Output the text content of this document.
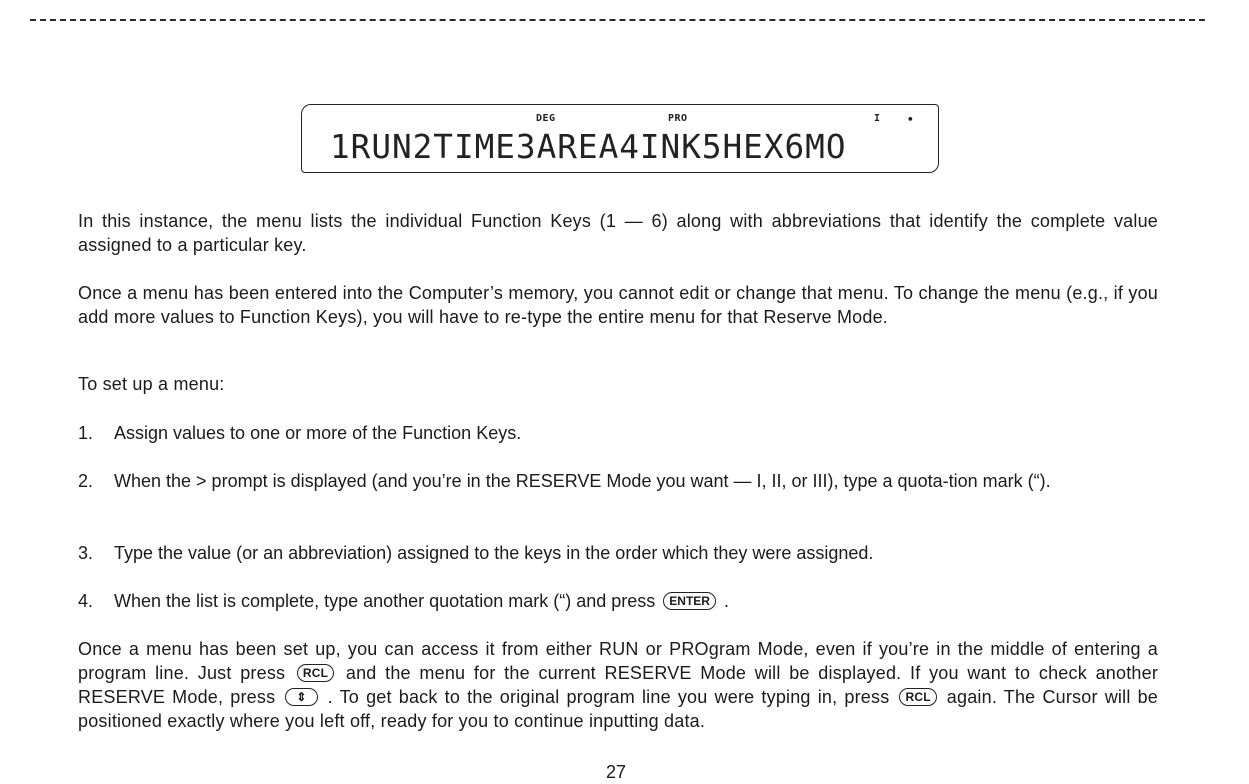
DEG	PRO	I •
1RUN2TIME3AREA4INK5HEX6MO

In this instance, the menu lists the individual Function Keys (1 — 6) along with abbreviations that identify the complete value assigned to a particular key.

Once a menu has been entered into the Computer’s memory, you cannot edit or change that menu. To change the menu (e.g., if you add more values to Function Keys), you will have to re-type the entire menu for that Reserve Mode.

To set up a menu:

1. Assign values to one or more of the Function Keys.
2. When the > prompt is displayed (and you’re in the RESERVE Mode you want — I, II, or III), type a quota-tion mark (“).
3. Type the value (or an abbreviation) assigned to the keys in the order which they were assigned.
4. When the list is complete, type another quotation mark (“) and press ENTER .

Once a menu has been set up, you can access it from either RUN or PROgram Mode, even if you’re in the middle of entering a program line. Just press RCL and the menu for the current RESERVE Mode will be displayed. If you want to check another RESERVE Mode, press ⇕ . To get back to the original program line you were typing in, press RCL again. The Cursor will be positioned exactly where you left off, ready for you to continue inputting data.

27
